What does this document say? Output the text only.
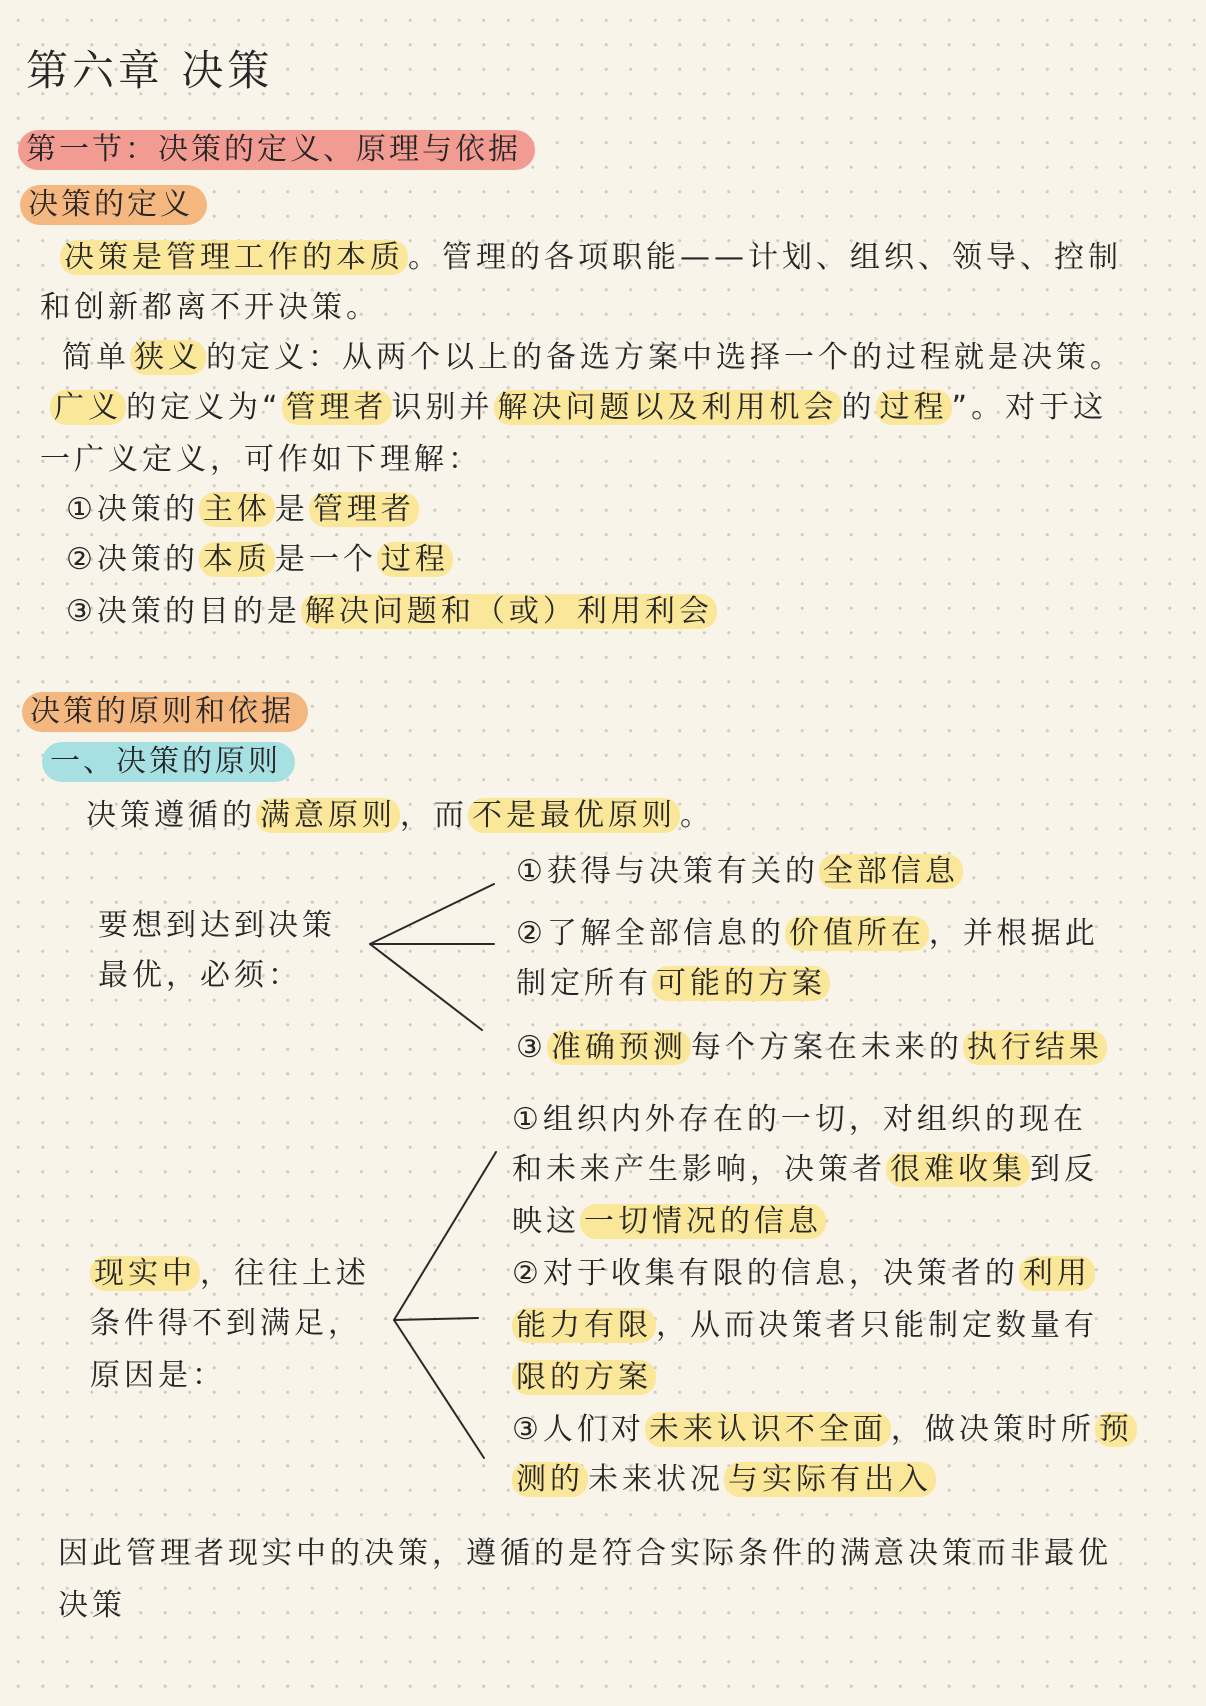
第六章 决策
第一节：决策的定义、原理与依据
决策的定义
决策是管理工作的本质 。管理的各项职能——计划、组织、领导、控制
和创新都离不开决策。
简单 狭义 的定义：从两个以上的备选方案中选择一个的过程就是决策。
广义 的定义为“ 管理者 识别并 解决问题以及利用机会 的 过程 ”。对于这
一广义定义，可作如下理解：
①决策的 主体 是 管理者
②决策的 本质 是一个 过程
③决策的目的是 解决问题和（或）利用利会
决策的原则和依据
一、决策的原则
决策遵循的 满意原则 ，而 不是最优原则 。
要想到达到决策
最优，必须：
①获得与决策有关的 全部信息
②了解全部信息的 价值所在 ，并根据此
制定所有 可能的方案
③ 准确预测 每个方案在未来的 执行结果
现实中 ，往往上述
条件得不到满足，
原因是：
①组织内外存在的一切，对组织的现在
和未来产生影响，决策者 很难收集 到反
映这 一切情况的信息
②对于收集有限的信息，决策者的 利用
能力有限 ，从而决策者只能制定数量有
限的方案
③人们对 未来认识不全面 ，做决策时所 预
测的 未来状况 与实际有出入
因此管理者现实中的决策，遵循的是符合实际条件的满意决策而非最优
决策
